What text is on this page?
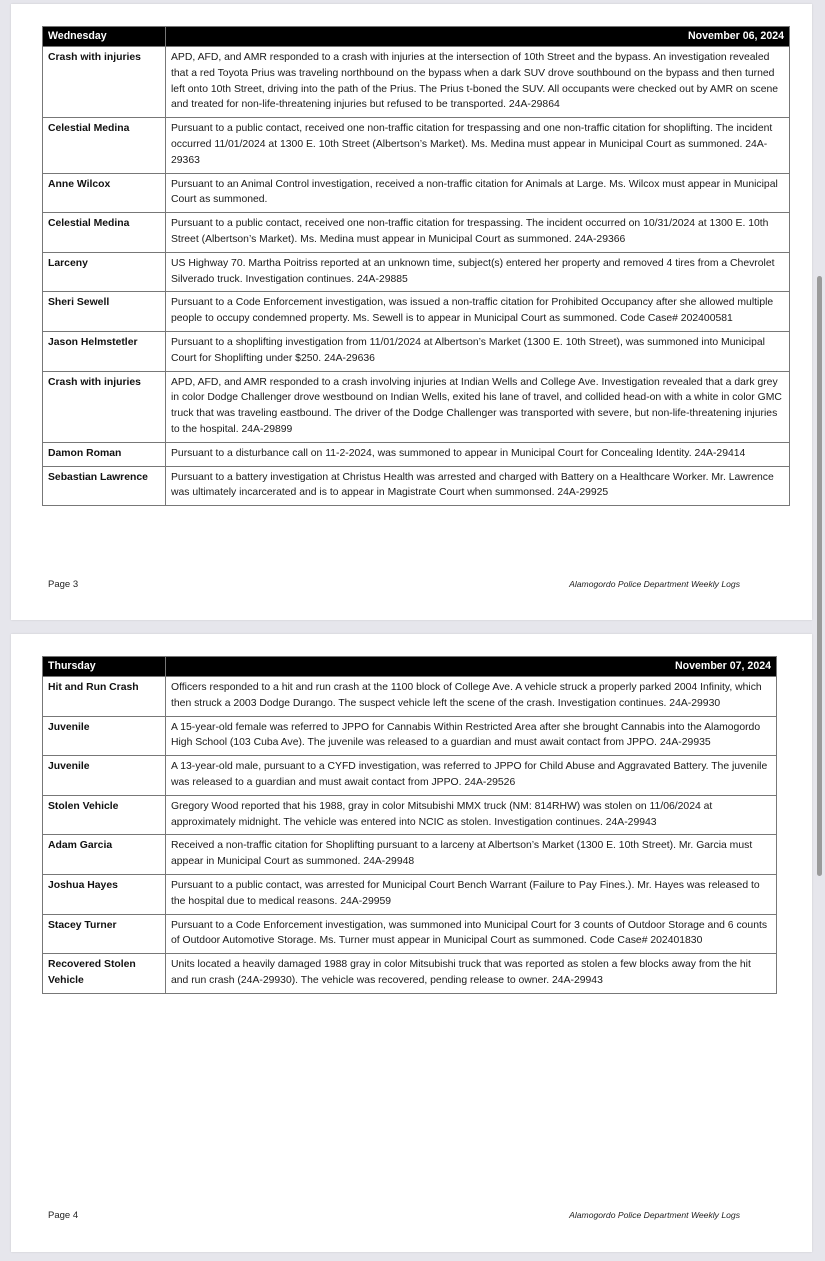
Wednesday	November 06, 2024
Crash with injuries	APD, AFD, and AMR responded to a crash with injuries at the intersection of 10th Street and the bypass. An investigation revealed that a red Toyota Prius was traveling northbound on the bypass when a dark SUV drove southbound on the bypass and then turned left onto 10th Street, driving into the path of the Prius. The Prius t-boned the SUV. All occupants were checked out by AMR on scene and treated for non-life-threatening injuries but refused to be transported. 24A-29864
Celestial Medina	Pursuant to a public contact, received one non-traffic citation for trespassing and one non-traffic citation for shoplifting. The incident occurred 11/01/2024 at 1300 E. 10th Street (Albertson’s Market). Ms. Medina must appear in Municipal Court as summoned. 24A-29363
Anne Wilcox	Pursuant to an Animal Control investigation, received a non-traffic citation for Animals at Large. Ms. Wilcox must appear in Municipal Court as summoned.
Celestial Medina	Pursuant to a public contact, received one non-traffic citation for trespassing. The incident occurred on 10/31/2024 at 1300 E. 10th Street (Albertson’s Market). Ms. Medina must appear in Municipal Court as summoned. 24A-29366
Larceny	US Highway 70. Martha Poitriss reported at an unknown time, subject(s) entered her property and removed 4 tires from a Chevrolet Silverado truck. Investigation continues. 24A-29885
Sheri Sewell	Pursuant to a Code Enforcement investigation, was issued a non-traffic citation for Prohibited Occupancy after she allowed multiple people to occupy condemned property. Ms. Sewell is to appear in Municipal Court as summoned. Code Case# 202400581
Jason Helmstetler	Pursuant to a shoplifting investigation from 11/01/2024 at Albertson’s Market (1300 E. 10th Street), was summoned into Municipal Court for Shoplifting under $250. 24A-29636
Crash with injuries	APD, AFD, and AMR responded to a crash involving injuries at Indian Wells and College Ave. Investigation revealed that a dark grey in color Dodge Challenger drove westbound on Indian Wells, exited his lane of travel, and collided head-on with a white in color GMC truck that was traveling eastbound. The driver of the Dodge Challenger was transported with severe, but non-life-threatening injuries to the hospital. 24A-29899
Damon Roman	Pursuant to a disturbance call on 11-2-2024, was summoned to appear in Municipal Court for Concealing Identity. 24A-29414
Sebastian Lawrence	Pursuant to a battery investigation at Christus Health was arrested and charged with Battery on a Healthcare Worker. Mr. Lawrence was ultimately incarcerated and is to appear in Magistrate Court when summonsed. 24A-29925
Page 3	Alamogordo Police Department Weekly Logs
Thursday	November 07, 2024
Hit and Run Crash	Officers responded to a hit and run crash at the 1100 block of College Ave. A vehicle struck a properly parked 2004 Infinity, which then struck a 2003 Dodge Durango. The suspect vehicle left the scene of the crash. Investigation continues. 24A-29930
Juvenile	A 15-year-old female was referred to JPPO for Cannabis Within Restricted Area after she brought Cannabis into the Alamogordo High School (103 Cuba Ave). The juvenile was released to a guardian and must await contact from JPPO. 24A-29935
Juvenile	A 13-year-old male, pursuant to a CYFD investigation, was referred to JPPO for Child Abuse and Aggravated Battery. The juvenile was released to a guardian and must await contact from JPPO. 24A-29526
Stolen Vehicle	Gregory Wood reported that his 1988, gray in color Mitsubishi MMX truck (NM: 814RHW) was stolen on 11/06/2024 at approximately midnight. The vehicle was entered into NCIC as stolen. Investigation continues. 24A-29943
Adam Garcia	Received a non-traffic citation for Shoplifting pursuant to a larceny at Albertson’s Market (1300 E. 10th Street). Mr. Garcia must appear in Municipal Court as summoned. 24A-29948
Joshua Hayes	Pursuant to a public contact, was arrested for Municipal Court Bench Warrant (Failure to Pay Fines.). Mr. Hayes was released to the hospital due to medical reasons. 24A-29959
Stacey Turner	Pursuant to a Code Enforcement investigation, was summoned into Municipal Court for 3 counts of Outdoor Storage and 6 counts of Outdoor Automotive Storage. Ms. Turner must appear in Municipal Court as summoned. Code Case# 202401830
Recovered Stolen Vehicle	Units located a heavily damaged 1988 gray in color Mitsubishi truck that was reported as stolen a few blocks away from the hit and run crash (24A-29930). The vehicle was recovered, pending release to owner. 24A-29943
Page 4	Alamogordo Police Department Weekly Logs
